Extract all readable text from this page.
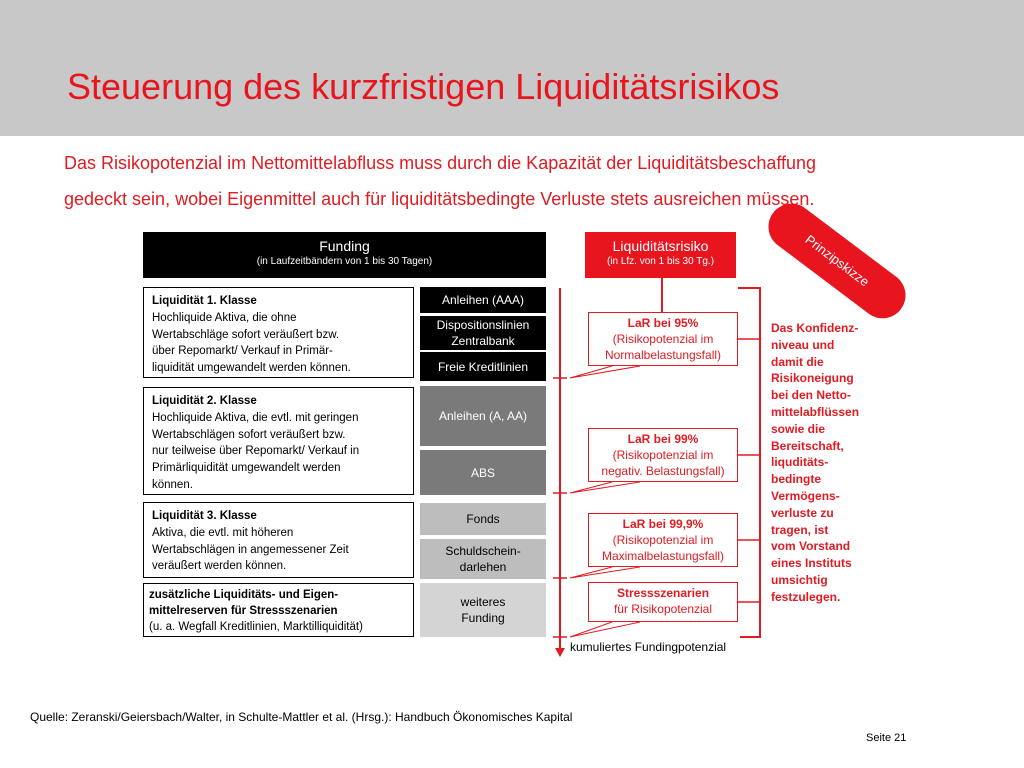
Steuerung des kurzfristigen Liquiditätsrisikos
Das Risikopotenzial im Nettomittelabfluss muss durch die Kapazität der Liquiditätsbeschaffung
gedeckt sein, wobei Eigenmittel auch für liquiditätsbedingte Verluste stets ausreichen müssen.
Funding
(in Laufzeitbändern von 1 bis 30 Tagen)
Liquidität 1. Klasse
Hochliquide Aktiva, die ohne
Wertabschläge sofort veräußert bzw.
über Repomarkt/ Verkauf in Primär-
liquidität umgewandelt werden können.
Liquidität 2. Klasse
Hochliquide Aktiva, die evtl. mit geringen
Wertabschlägen sofort veräußert bzw.
nur teilweise über Repomarkt/ Verkauf in
Primärliquidität umgewandelt werden
können.
Liquidität 3. Klasse
Aktiva, die evtl. mit höheren
Wertabschlägen in angemessener Zeit
veräußert werden können.
zusätzliche Liquiditäts- und Eigen-
mittelreserven für Stressszenarien
(u. a. Wegfall Kreditlinien, Marktilliquidität)
Anleihen (AAA)
Dispositionslinien
Zentralbank
Freie Kreditlinien
Anleihen (A, AA)
ABS
Fonds
Schuldschein-
darlehen
weiteres
Funding
Liquiditätsrisiko
(in Lfz. von 1 bis 30 Tg.)
LaR bei 95%
(Risikopotenzial im
Normalbelastungsfall)
LaR bei 99%
(Risikopotenzial im
negativ. Belastungsfall)
LaR bei 99,9%
(Risikopotenzial im
Maximalbelastungsfall)
Stressszenarien
für Risikopotenzial
Das Konfidenz-
niveau und
damit die
Risikoneigung
bei den Netto-
mittelabflüssen
sowie die
Bereitschaft,
liquditäts-
bedingte
Vermögens-
verluste zu
tragen, ist
vom Vorstand
eines Instituts
umsichtig
festzulegen.
Prinzipskizze
kumuliertes Fundingpotenzial
Quelle: Zeranski/Geiersbach/Walter, in Schulte-Mattler et al. (Hrsg.): Handbuch Ökonomisches Kapital
Seite 21
